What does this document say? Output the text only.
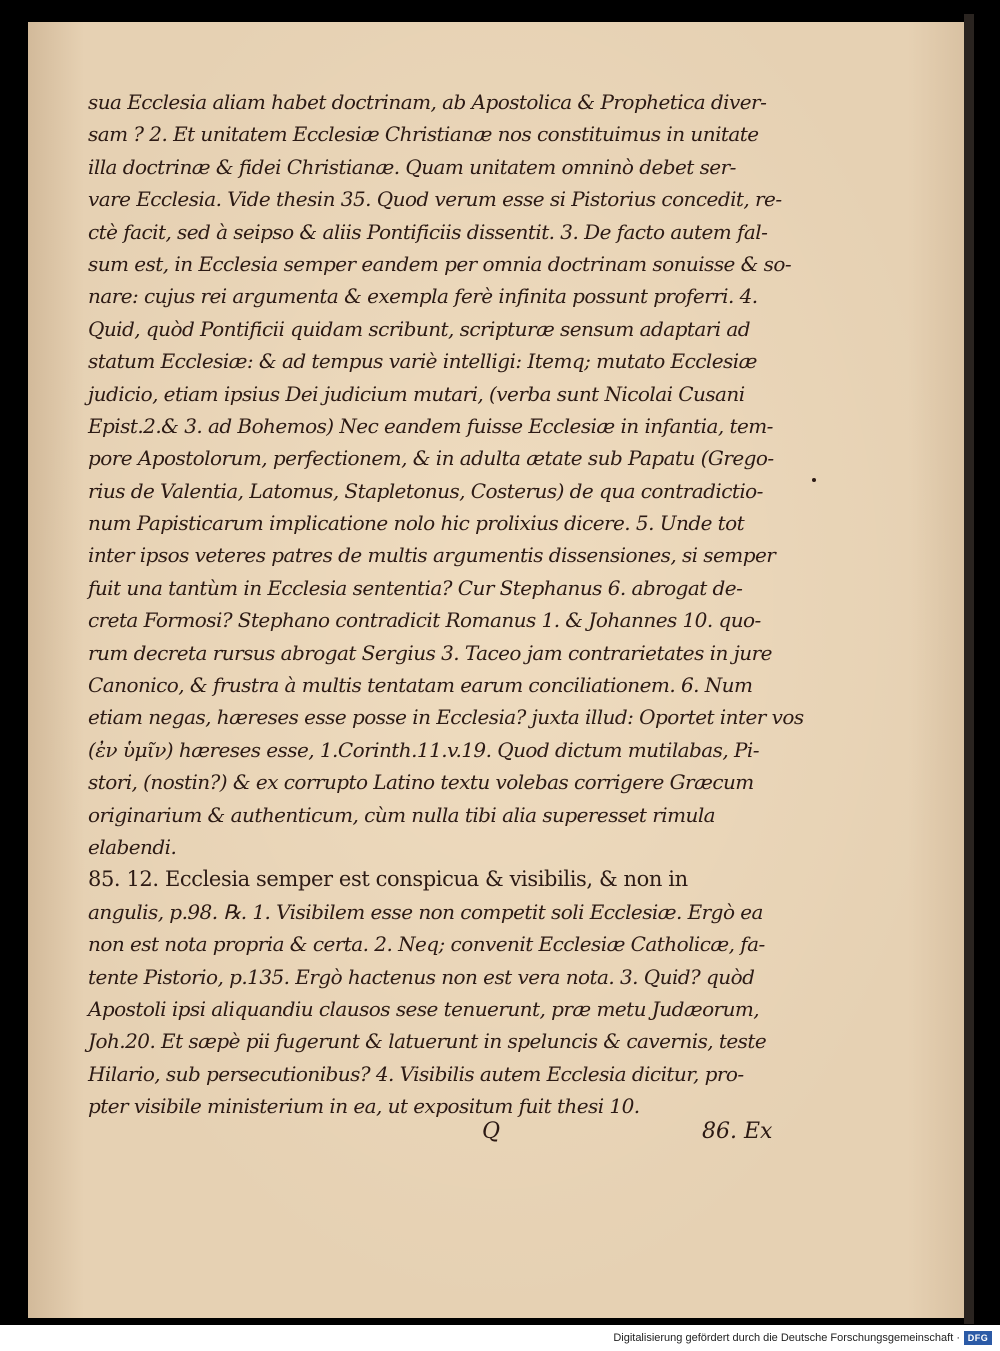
sua Ecclesia aliam habet doctrinam, ab Apostolica & Prophetica diver-
sam ? 2. Et unitatem Ecclesiæ Christianæ nos constituimus in unitate
illa doctrinæ & fidei Christianæ. Quam unitatem omninò debet ser-
vare Ecclesia. Vide thesin 35. Quod verum esse si Pistorius concedit, re-
ctè facit, sed à seipso & aliis Pontificiis dissentit. 3. De facto autem fal-
sum est, in Ecclesia semper eandem per omnia doctrinam sonuisse & so-
nare: cujus rei argumenta & exempla ferè infinita possunt proferri. 4.
Quid, quòd Pontificii quidam scribunt, scripturæ sensum adaptari ad
statum Ecclesiæ: & ad tempus variè intelligi: Itemq; mutato Ecclesiæ
judicio, etiam ipsius Dei judicium mutari, (verba sunt Nicolai Cusani
Epist.2.& 3. ad Bohemos) Nec eandem fuisse Ecclesiæ in infantia, tem-
pore Apostolorum, perfectionem, & in adulta ætate sub Papatu (Grego-
rius de Valentia, Latomus, Stapletonus, Costerus) de qua contradictio-
num Papisticarum implicatione nolo hic prolixius dicere. 5. Unde tot
inter ipsos veteres patres de multis argumentis dissensiones, si semper
fuit una tantùm in Ecclesia sententia? Cur Stephanus 6. abrogat de-
creta Formosi? Stephano contradicit Romanus 1. & Johannes 10. quo-
rum decreta rursus abrogat Sergius 3. Taceo jam contrarietates in jure
Canonico, & frustra à multis tentatam earum conciliationem. 6. Num
etiam negas, hæreses esse posse in Ecclesia? juxta illud: Oportet inter vos
(ἐν ὑμῖν) hæreses esse, 1.Corinth.11.v.19. Quod dictum mutilabas, Pi-
stori, (nostin?) & ex corrupto Latino textu volebas corrigere Græcum
originarium & authenticum, cùm nulla tibi alia superesset rimula
elabendi.
85. 12. Ecclesia semper est conspicua & visibilis, & non in
angulis, p.98. ℞. 1. Visibilem esse non competit soli Ecclesiæ. Ergò ea
non est nota propria & certa. 2. Neq; convenit Ecclesiæ Catholicæ, fa-
tente Pistorio, p.135. Ergò hactenus non est vera nota. 3. Quid? quòd
Apostoli ipsi aliquandiu clausos sese tenuerunt, præ metu Judæorum,
Joh.20. Et sæpè pii fugerunt & latuerunt in speluncis & cavernis, teste
Hilario, sub persecutionibus? 4. Visibilis autem Ecclesia dicitur, pro-
pter visibile ministerium in ea, ut expositum fuit thesi 10.
Q	86. Ex
Digitalisierung gefördert durch die Deutsche Forschungsgemeinschaft · DFG
